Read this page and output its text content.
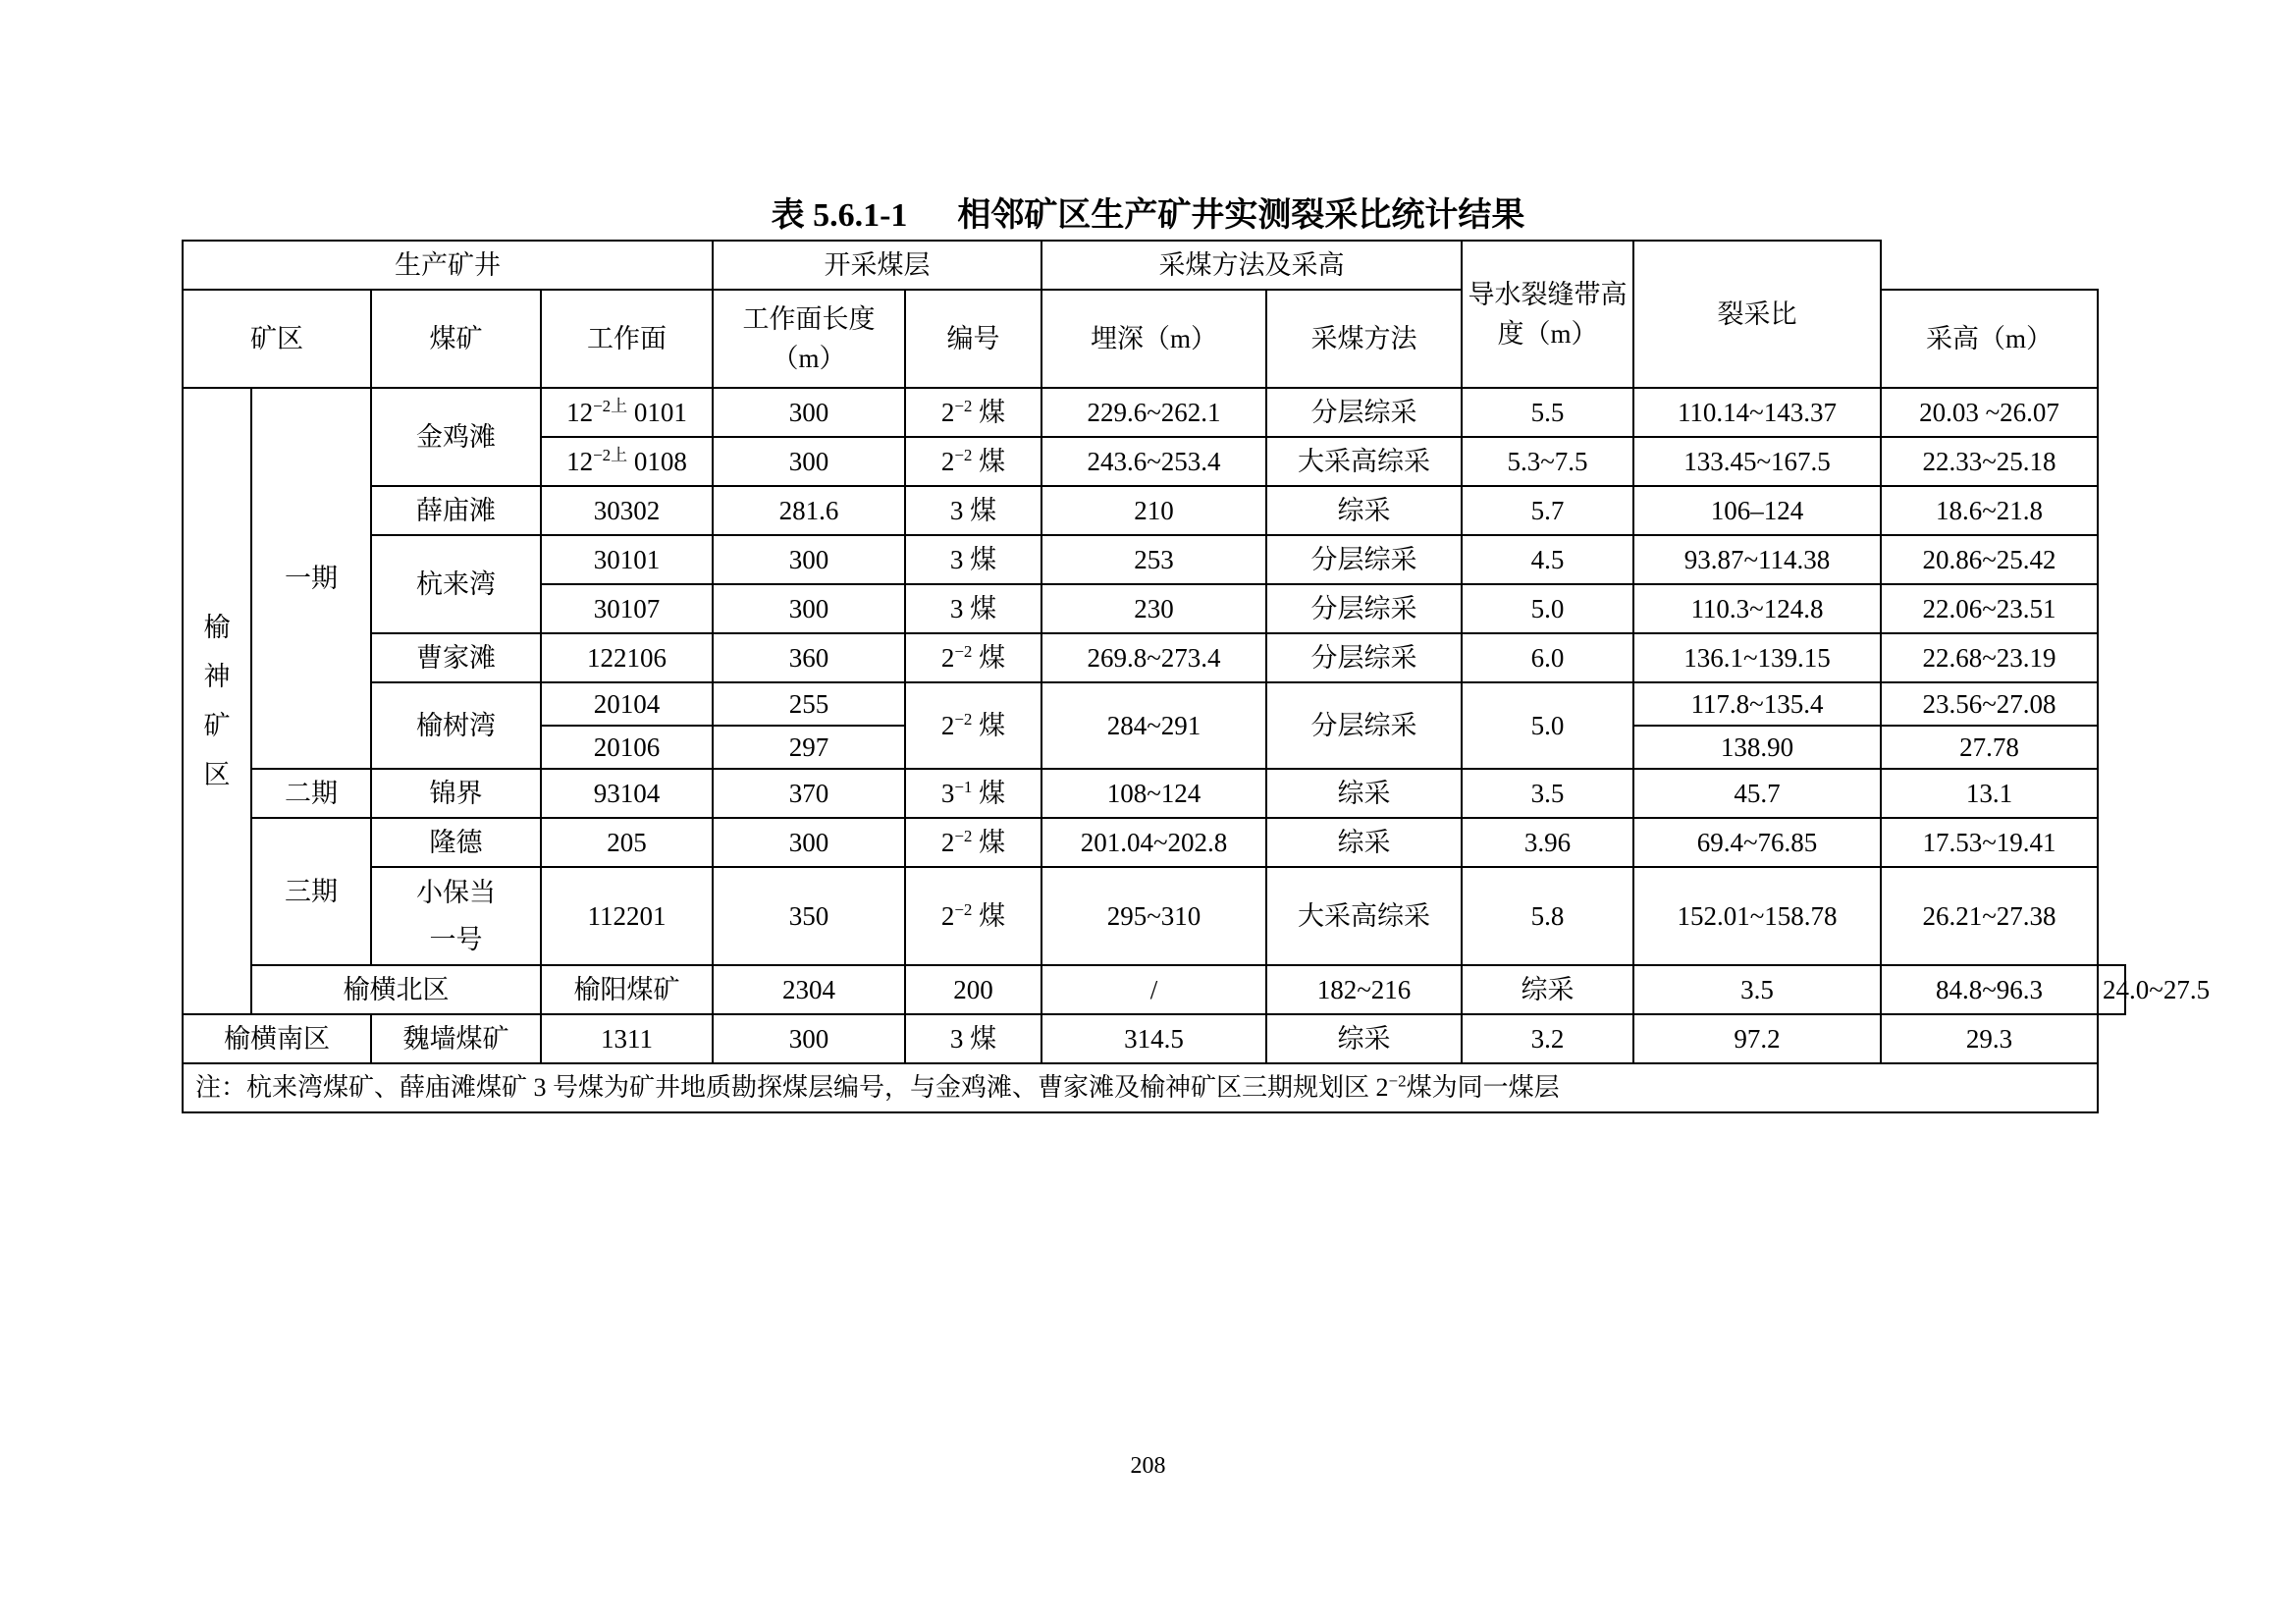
表 5.6.1-1      相邻矿区生产矿井实测裂采比统计结果
生产矿井				开采煤层		采煤方法及采高		导水裂缝带高度（m）	裂采比		
矿区		煤矿	工作面	工作面长度（m）	编号	埋深（m）	采煤方法			采高（m）	
榆神矿区	一期	金鸡滩	$12^{-2上}$ 0101	300	$2^{-2}$ 煤	229.6~262.1	分层综采	5.5	110.14~143.37	20.03 ~26.07	
			$12^{-2上}$ 0108	300	$2^{-2}$ 煤	243.6~253.4	大采高综采	5.3~7.5	133.45~167.5	22.33~25.18	
		薛庙滩	30302	281.6	3 煤	210	综采	5.7	106–124	18.6~21.8	
		杭来湾	30101	300	3 煤	253	分层综采	4.5	93.87~114.38	20.86~25.42	
			30107	300	3 煤	230	分层综采	5.0	110.3~124.8	22.06~23.51	
		曹家滩	122106	360	$2^{-2}$ 煤	269.8~273.4	分层综采	6.0	136.1~139.15	22.68~23.19	
		榆树湾	20104	255	$2^{-2}$ 煤	284~291	分层综采	5.0	117.8~135.4	23.56~27.08	
			20106	297					138.90	27.78	
	二期	锦界	93104	370	$3^{-1}$ 煤	108~124	综采	3.5	45.7	13.1	
	三期	隆德	205	300	$2^{-2}$ 煤	201.04~202.8	综采	3.96	69.4~76.85	17.53~19.41	
		小保当一号	112201	350	$2^{-2}$ 煤	295~310	大采高综采	5.8	152.01~158.78	26.21~27.38	
	榆横北区		榆阳煤矿	2304	200	/	182~216	综采	3.5	84.8~96.3	24.0~27.5
榆横南区		魏墙煤矿	1311	300	3 煤	314.5	综采	3.2	97.2	29.3	
注：杭来湾煤矿、薛庙滩煤矿 3 号煤为矿井地质勘探煤层编号，与金鸡滩、曹家滩及榆神矿区三期规划区 $2^{-2}$煤为同一煤层											
208
